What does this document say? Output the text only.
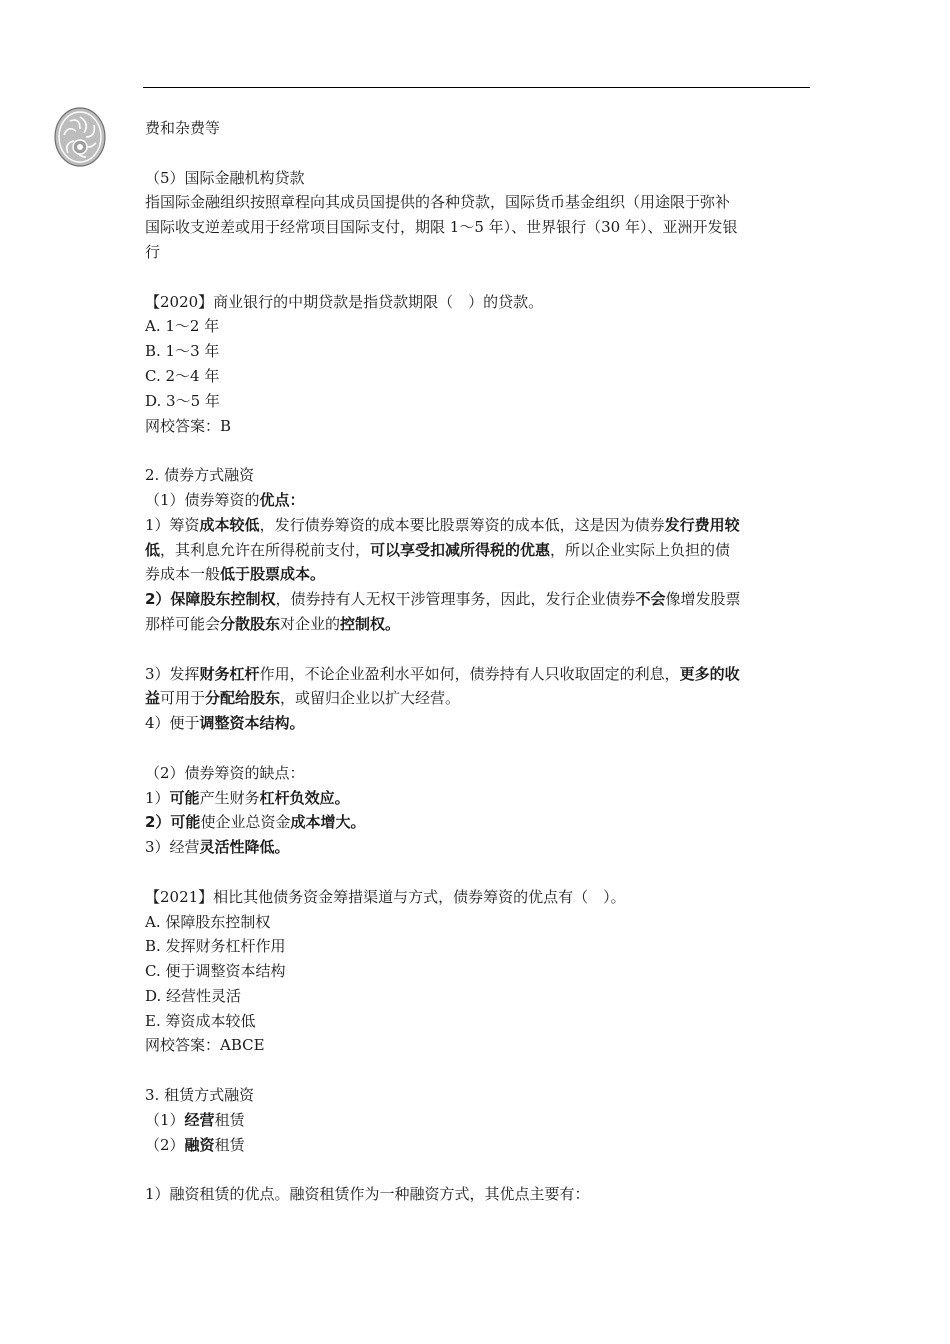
费和杂费等

（5）国际金融机构贷款

指国际金融组织按照章程向其成员国提供的各种贷款，国际货币基金组织（用途限于弥补

国际收支逆差或用于经常项目国际支付，期限 1～5 年）、世界银行（30 年）、亚洲开发银

行

【2020】商业银行的中期贷款是指贷款期限（　）的贷款。

A. 1～2 年

B. 1～3 年

C. 2～4 年

D. 3～5 年

网校答案：B

2. 债券方式融资

（1）债券筹资的优点：

1）筹资成本较低，发行债券筹资的成本要比股票筹资的成本低，这是因为债券发行费用较
低，其利息允许在所得税前支付，可以享受扣减所得税的优惠，所以企业实际上负担的债
券成本一般低于股票成本。

2）保障股东控制权，债券持有人无权干涉管理事务，因此，发行企业债券不会像增发股票
那样可能会分散股东对企业的控制权。

3）发挥财务杠杆作用，不论企业盈利水平如何，债券持有人只收取固定的利息，更多的收
益可用于分配给股东，或留归企业以扩大经营。

4）便于调整资本结构。

（2）债券筹资的缺点：

1）可能产生财务杠杆负效应。

2）可能使企业总资金成本增大。

3）经营灵活性降低。

【2021】相比其他债务资金筹措渠道与方式，债券筹资的优点有（　）。

A. 保障股东控制权

B. 发挥财务杠杆作用

C. 便于调整资本结构

D. 经营性灵活

E. 筹资成本较低

网校答案：ABCE

3. 租赁方式融资

（1）经营租赁

（2）融资租赁

1）融资租赁的优点。融资租赁作为一种融资方式，其优点主要有：
